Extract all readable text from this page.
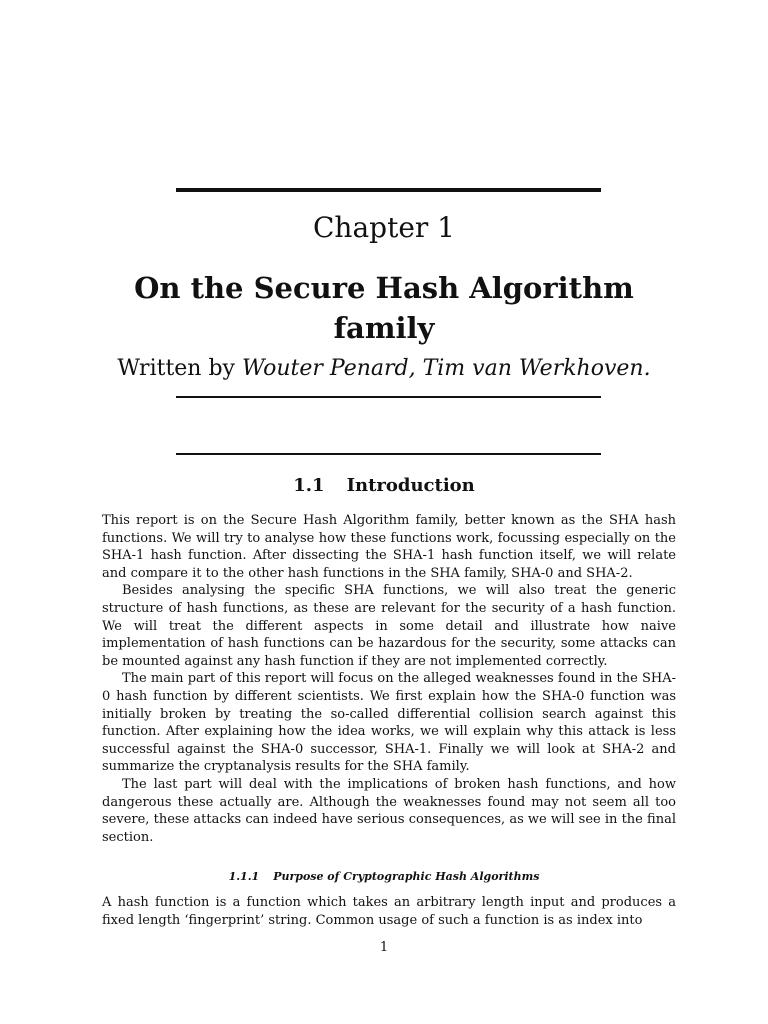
Chapter 1
On the Secure Hash Algorithm
family
Written by Wouter Penard, Tim van Werkhoven.
1.1 Introduction

This report is on the Secure Hash Algorithm family, better known as the SHA hash functions. We will try to analyse how these functions work, focussing especially on the SHA-1 hash function. After dissecting the SHA-1 hash function itself, we will relate and compare it to the other hash functions in the SHA family, SHA-0 and SHA-2.

Besides analysing the specific SHA functions, we will also treat the generic structure of hash functions, as these are relevant for the security of a hash function. We will treat the different aspects in some detail and illustrate how naive implementation of hash functions can be hazardous for the security, some attacks can be mounted against any hash function if they are not implemented correctly.

The main part of this report will focus on the alleged weaknesses found in the SHA-0 hash function by different scientists. We first explain how the SHA-0 function was initially broken by treating the so-called differential collision search against this function. After explaining how the idea works, we will explain why this attack is less successful against the SHA-0 successor, SHA-1. Finally we will look at SHA-2 and summarize the cryptanalysis results for the SHA family.

The last part will deal with the implications of broken hash functions, and how dangerous these actually are. Although the weaknesses found may not seem all too severe, these attacks can indeed have serious consequences, as we will see in the final section.

1.1.1 Purpose of Cryptographic Hash Algorithms

A hash function is a function which takes an arbitrary length input and produces a fixed length ‘fingerprint’ string. Common usage of such a function is as index into

1
